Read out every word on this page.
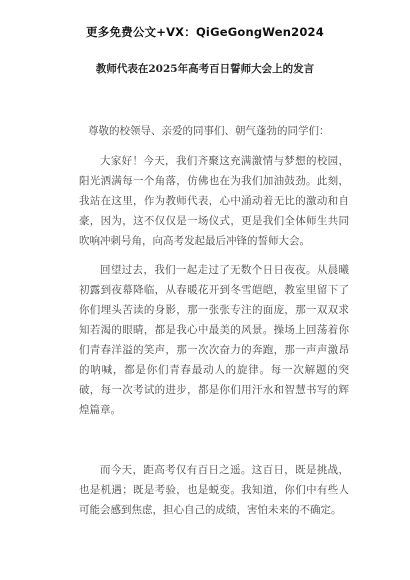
更多免费公文+VX：QiGeGongWen2024
教师代表在2025年高考百日誓师大会上的发言
尊敬的校领导、亲爱的同事们、朝气蓬勃的同学们：

大家好！今天，我们齐聚这充满激情与梦想的校园，阳光洒满每一个角落，仿佛也在为我们加油鼓劲。此刻，我站在这里，作为教师代表，心中涌动着无比的激动和自豪，因为，这不仅仅是一场仪式，更是我们全体师生共同吹响冲刺号角，向高考发起最后冲锋的誓师大会。

回望过去，我们一起走过了无数个日日夜夜。从晨曦初露到夜幕降临，从春暖花开到冬雪皑皑，教室里留下了你们埋头苦读的身影，那一张张专注的面庞，那一双双求知若渴的眼睛，都是我心中最美的风景。操场上回荡着你们青春洋溢的笑声，那一次次奋力的奔跑，那一声声激昂的呐喊，都是你们青春最动人的旋律。每一次解题的突破，每一次考试的进步，都是你们用汗水和智慧书写的辉煌篇章。

而今天，距高考仅有百日之遥。这百日，既是挑战，也是机遇；既是考验，也是蜕变。我知道，你们中有些人可能会感到焦虑，担心自己的成绩，害怕未来的不确定。
